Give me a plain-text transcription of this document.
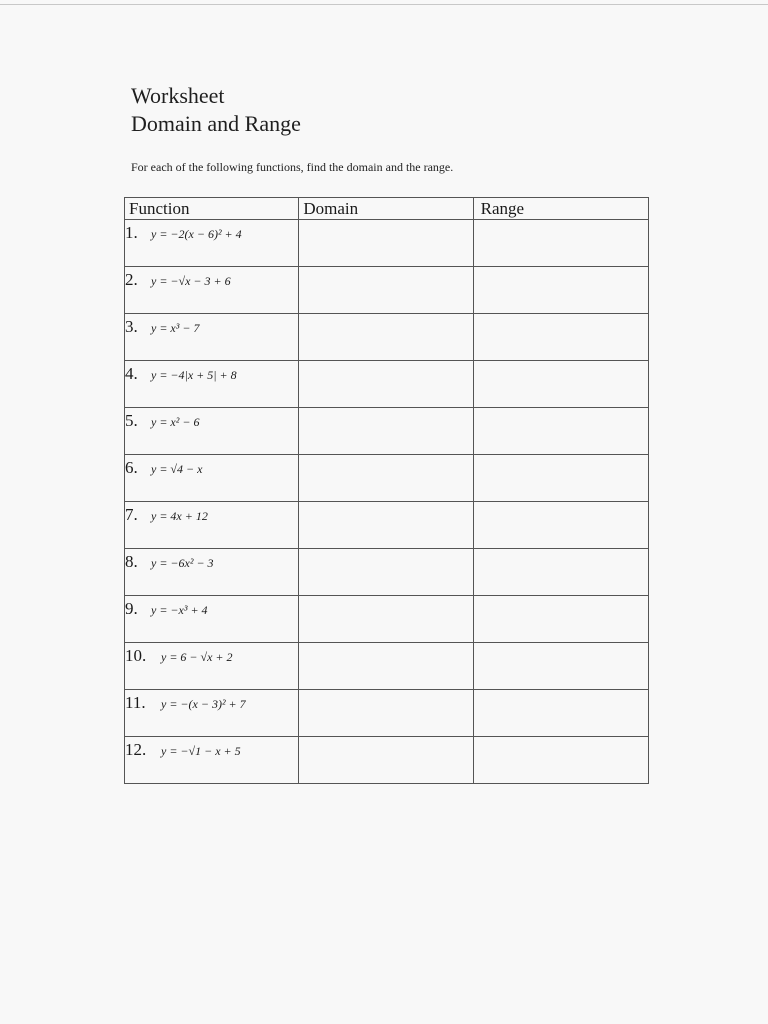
Worksheet
Domain and Range
For each of the following functions, find the domain and the range.
Function	Domain	Range

1. y = −2(x − 6)² + 4		

2. y = −√x − 3 + 6		

3. y = x³ − 7		

4. y = −4|x + 5| + 8		

5. y = x² − 6		

6. y = √4 − x		

7. y = 4x + 12		

8. y = −6x² − 3		

9. y = −x³ + 4		

10. y = 6 − √x + 2		

11. y = −(x − 3)² + 7		

12. y = −√1 − x + 5		
